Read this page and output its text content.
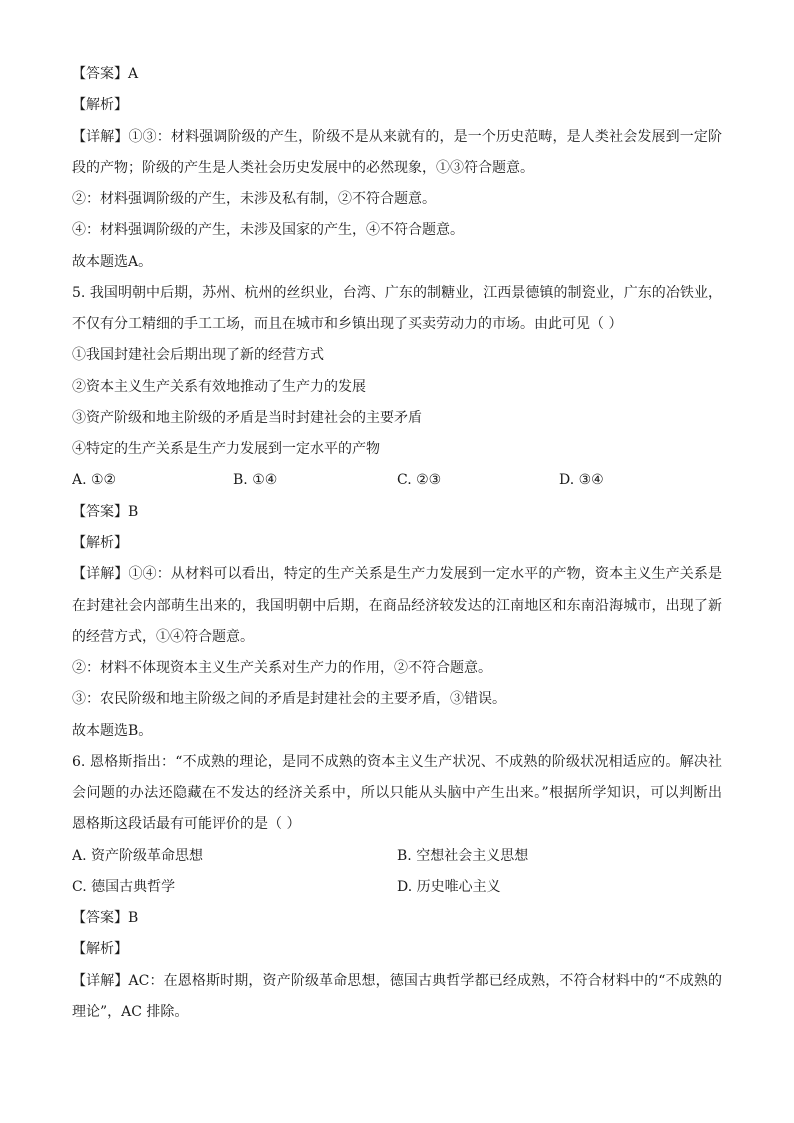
【答案】A
【解析】
【详解】①③：材料强调阶级的产生，阶级不是从来就有的，是一个历史范畴，是人类社会发展到一定阶
段的产物；阶级的产生是人类社会历史发展中的必然现象，①③符合题意。
②：材料强调阶级的产生，未涉及私有制，②不符合题意。
④：材料强调阶级的产生，未涉及国家的产生，④不符合题意。
故本题选A。
5. 我国明朝中后期，苏州、杭州的丝织业，台湾、广东的制糖业，江西景德镇的制瓷业，广东的冶铁业，
不仅有分工精细的手工工场，而且在城市和乡镇出现了买卖劳动力的市场。由此可见（ ）
①我国封建社会后期出现了新的经营方式
②资本主义生产关系有效地推动了生产力的发展
③资产阶级和地主阶级的矛盾是当时封建社会的主要矛盾
④特定的生产关系是生产力发展到一定水平的产物
A. ①②	B. ①④	C. ②③	D. ③④
【答案】B
【解析】
【详解】①④：从材料可以看出，特定的生产关系是生产力发展到一定水平的产物，资本主义生产关系是
在封建社会内部萌生出来的，我国明朝中后期，在商品经济较发达的江南地区和东南沿海城市，出现了新
的经营方式，①④符合题意。
②：材料不体现资本主义生产关系对生产力的作用，②不符合题意。
③：农民阶级和地主阶级之间的矛盾是封建社会的主要矛盾，③错误。
故本题选B。
6. 恩格斯指出：“不成熟的理论，是同不成熟的资本主义生产状况、不成熟的阶级状况相适应的。解决社
会问题的办法还隐藏在不发达的经济关系中，所以只能从头脑中产生出来。”根据所学知识，可以判断出
恩格斯这段话最有可能评价的是（ ）
A. 资产阶级革命思想	B. 空想社会主义思想
C. 德国古典哲学	D. 历史唯心主义
【答案】B
【解析】
【详解】AC：在恩格斯时期，资产阶级革命思想，德国古典哲学都已经成熟，不符合材料中的“不成熟的
理论”，AC 排除。
